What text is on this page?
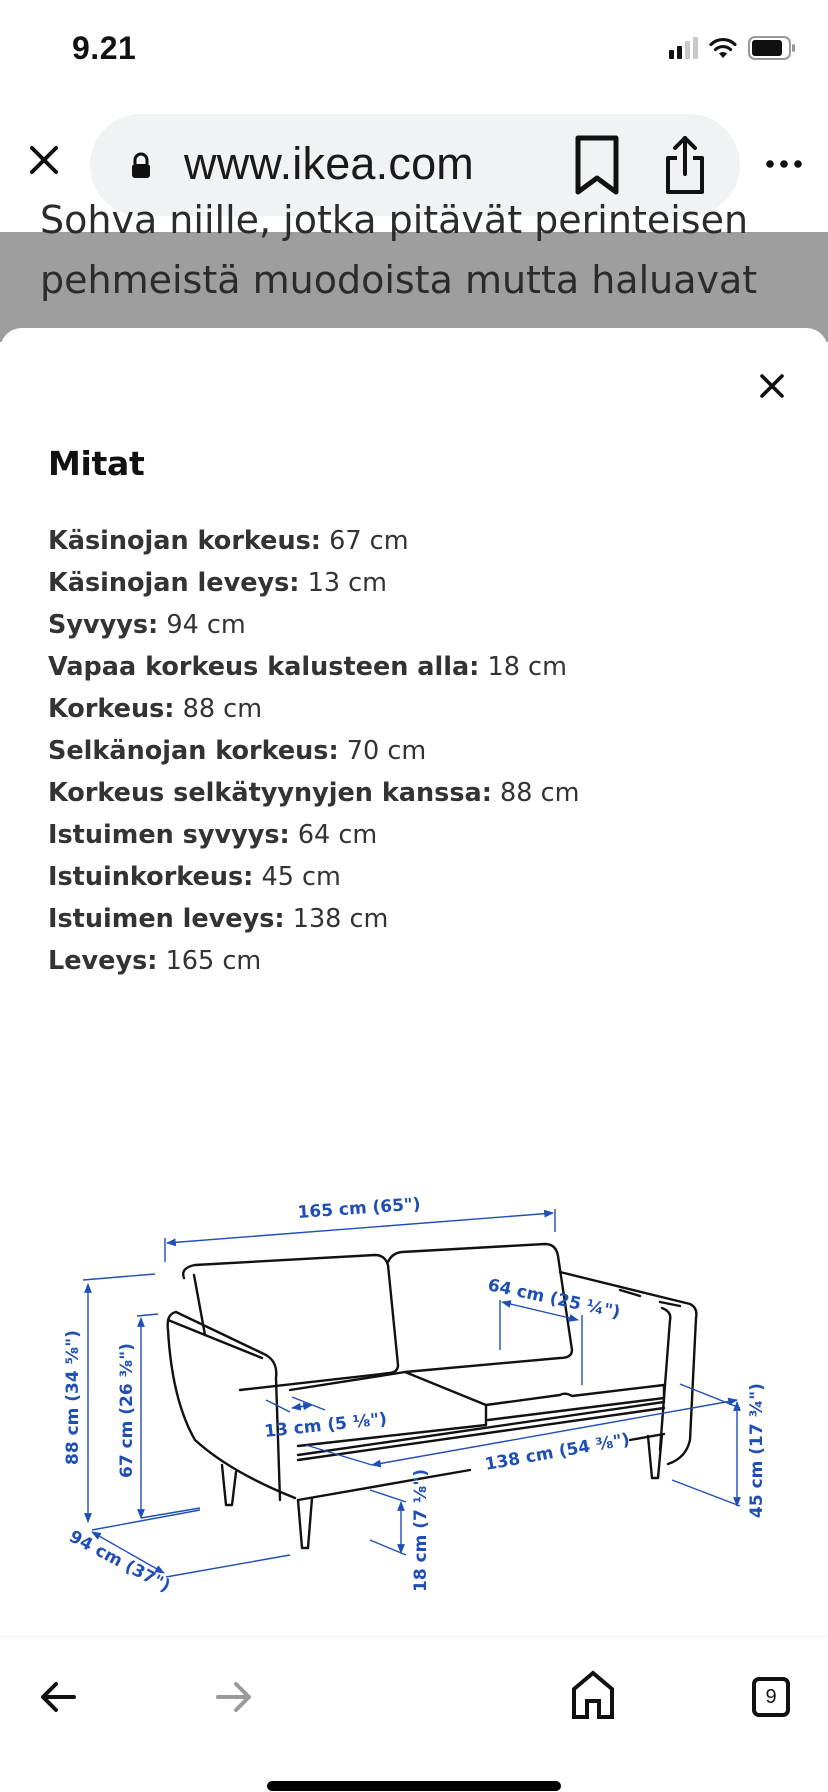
9.21
www.ikea.com
Sohva niille, jotka pitävät perinteisen
pehmeistä muodoista mutta haluavat
Mitat
Käsinojan korkeus: 67 cm
Käsinojan leveys: 13 cm
Syvyys: 94 cm
Vapaa korkeus kalusteen alla: 18 cm
Korkeus: 88 cm
Selkänojan korkeus: 70 cm
Korkeus selkätyynyjen kanssa: 88 cm
Istuimen syvyys: 64 cm
Istuinkorkeus: 45 cm
Istuimen leveys: 138 cm
Leveys: 165 cm
165 cm (65")
64 cm (25 ¼")
88 cm (34 ⅝") 67 cm (26 ⅜")	13 cm (5 ⅛")
138 cm (54 ⅜")	45 cm (17 ¾")
18 cm (7 ⅛")
94 cm (37")
9
